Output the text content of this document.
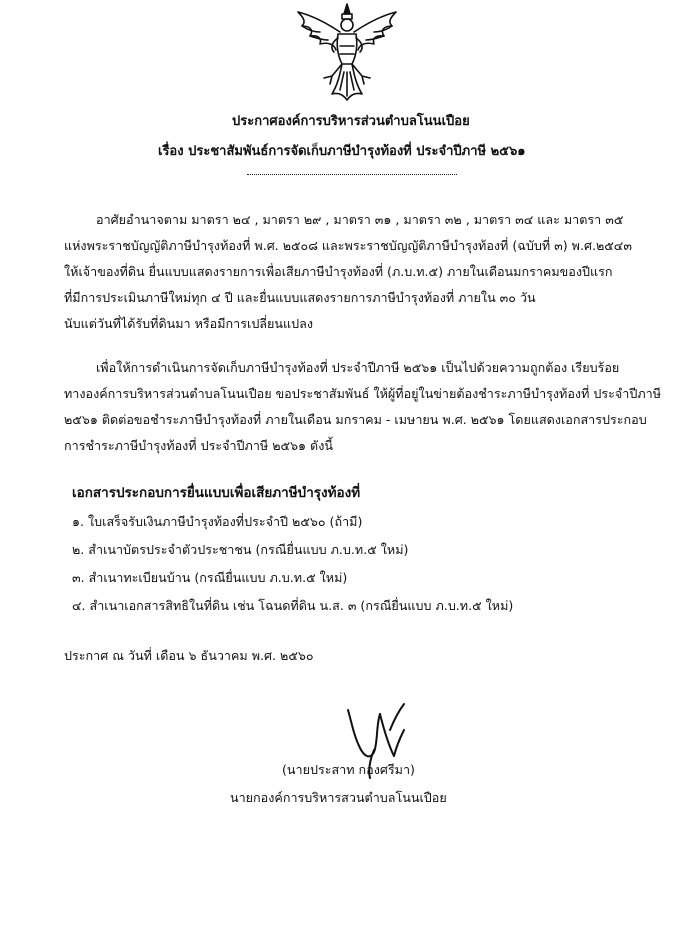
ประกาศองค์การบริหารส่วนตำบลโนนเปือย
เรื่อง ประชาสัมพันธ์การจัดเก็บภาษีบำรุงท้องที่ ประจำปีภาษี ๒๕๖๑
อาศัยอำนาจตาม มาตรา ๒๔ , มาตรา ๒๙ , มาตรา ๓๑ , มาตรา ๓๒ , มาตรา ๓๔ และ มาตรา ๓๕
แห่งพระราชบัญญัติภาษีบำรุงท้องที่ พ.ศ. ๒๕๐๘ และพระราชบัญญัติภาษีบำรุงท้องที่ (ฉบับที่ ๓) พ.ศ.๒๕๔๓
ให้เจ้าของที่ดิน ยื่นแบบแสดงรายการเพื่อเสียภาษีบำรุงท้องที่ (ภ.บ.ท.๕) ภายในเดือนมกราคมของปีแรก
ที่มีการประเมินภาษีใหม่ทุก ๔ ปี และยื่นแบบแสดงรายการภาษีบำรุงท้องที่ ภายใน ๓๐ วัน
นับแต่วันที่ได้รับที่ดินมา หรือมีการเปลี่ยนแปลง
เพื่อให้การดำเนินการจัดเก็บภาษีบำรุงท้องที่ ประจำปีภาษี ๒๕๖๑ เป็นไปด้วยความถูกต้อง เรียบร้อย
ทางองค์การบริหารส่วนตำบลโนนเปือย ขอประชาสัมพันธ์ ให้ผู้ที่อยู่ในข่ายต้องชำระภาษีบำรุงท้องที่ ประจำปีภาษี
๒๕๖๑ ติดต่อขอชำระภาษีบำรุงท้องที่ ภายในเดือน มกราคม - เมษายน พ.ศ. ๒๕๖๑ โดยแสดงเอกสารประกอบ
การชำระภาษีบำรุงท้องที่ ประจำปีภาษี ๒๕๖๑ ดังนี้
เอกสารประกอบการยื่นแบบเพื่อเสียภาษีบำรุงท้องที่
๑. ใบเสร็จรับเงินภาษีบำรุงท้องที่ประจำปี ๒๕๖๐ (ถ้ามี)
๒. สำเนาบัตรประจำตัวประชาชน (กรณียื่นแบบ ภ.บ.ท.๕ ใหม่)
๓. สำเนาทะเบียนบ้าน (กรณียื่นแบบ ภ.บ.ท.๕ ใหม่)
๔. สำเนาเอกสารสิทธิในที่ดิน เช่น โฉนดที่ดิน น.ส. ๓ (กรณียื่นแบบ ภ.บ.ท.๕ ใหม่)
ประกาศ ณ วันที่ เดือน ๖ ธันวาคม พ.ศ. ๒๕๖๐
(นายประสาท กองศรีมา)
นายกองค์การบริหารสวนตำบลโนนเปือย
